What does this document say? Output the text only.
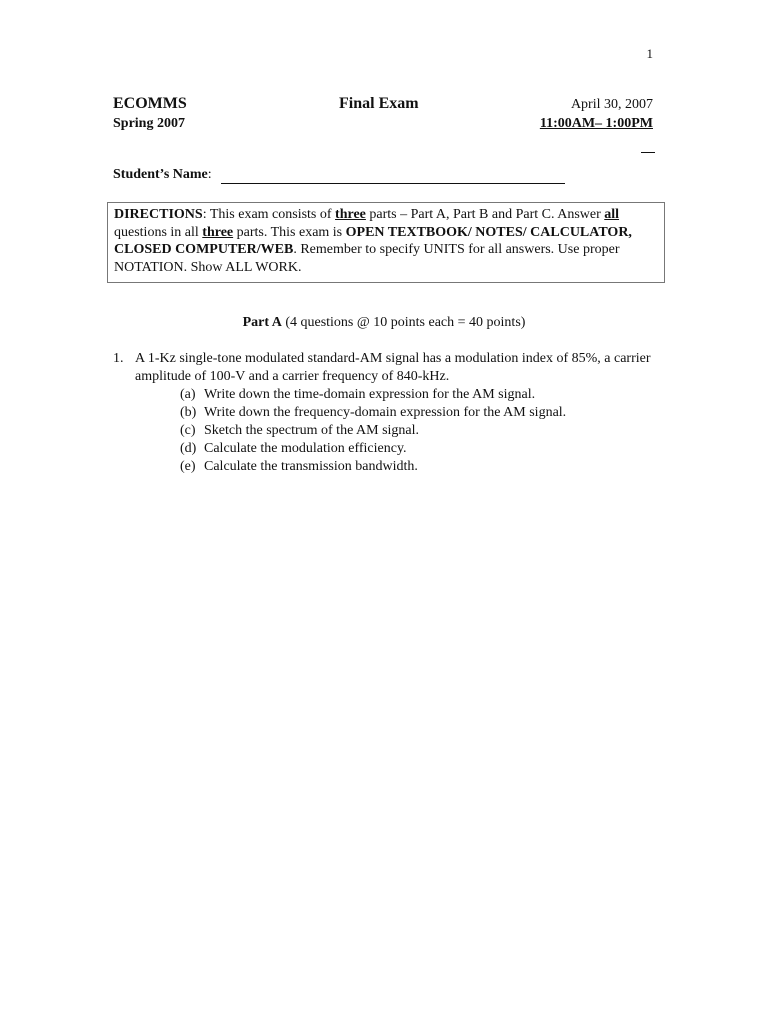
1
ECOMMS	Final Exam	April 30, 2007
Spring 2007	11:00AM– 1:00PM
Student’s Name:
DIRECTIONS: This exam consists of three parts – Part A, Part B and Part C. Answer all questions in all three parts. This exam is OPEN TEXTBOOK/ NOTES/ CALCULATOR, CLOSED COMPUTER/WEB. Remember to specify UNITS for all answers. Use proper NOTATION. Show ALL WORK.
Part A (4 questions @ 10 points each = 40 points)
1. A 1-Kz single-tone modulated standard-AM signal has a modulation index of 85%, a carrier amplitude of 100-V and a carrier frequency of 840-kHz.
(a) Write down the time-domain expression for the AM signal.
(b) Write down the frequency-domain expression for the AM signal.
(c) Sketch the spectrum of the AM signal.
(d) Calculate the modulation efficiency.
(e) Calculate the transmission bandwidth.
